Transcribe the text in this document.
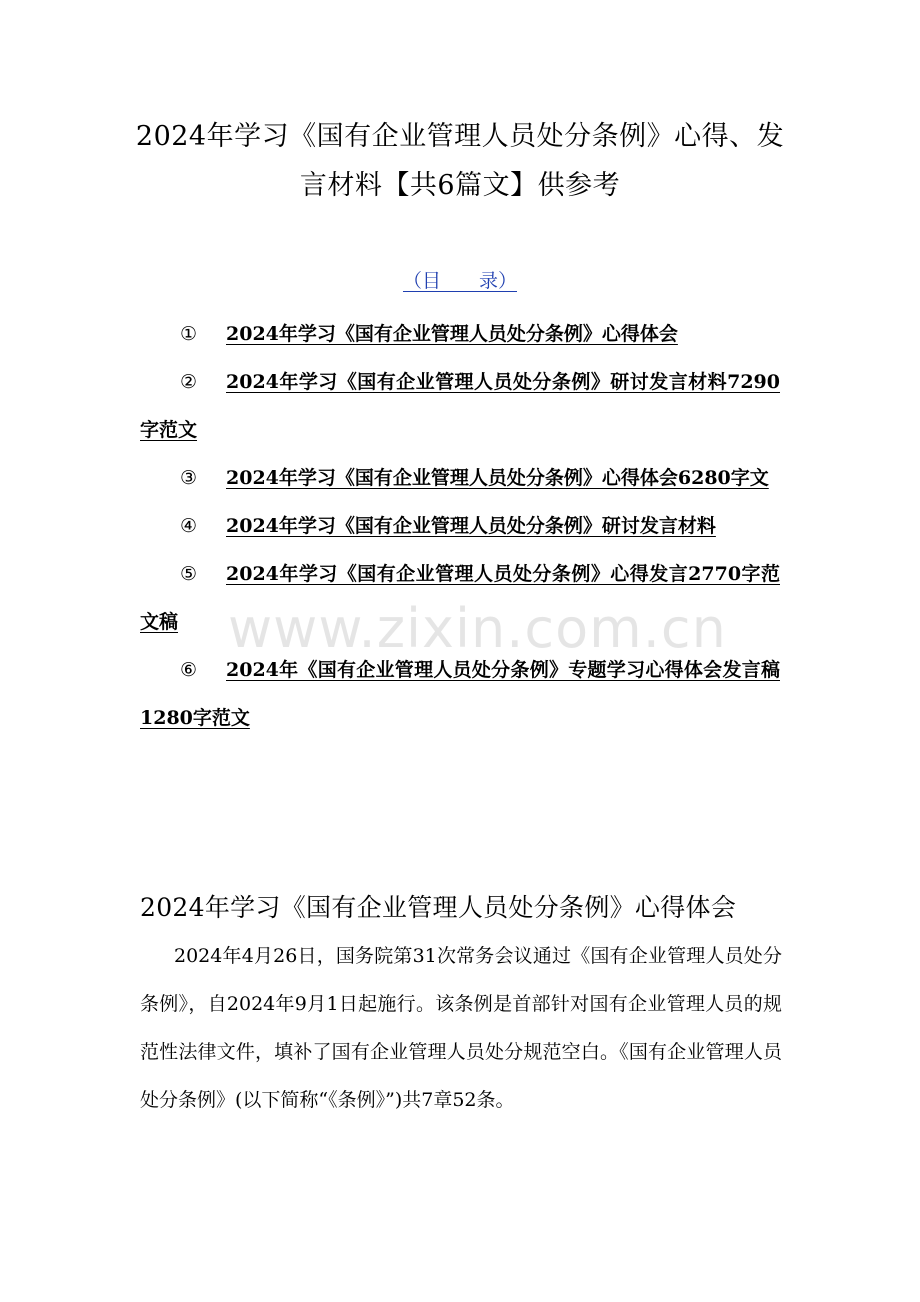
2024年学习《国有企业管理人员处分条例》心得、发言材料【共6篇文】供参考
（目　　录）
① 2024年学习《国有企业管理人员处分条例》心得体会
② 2024年学习《国有企业管理人员处分条例》研讨发言材料7290字范文
③ 2024年学习《国有企业管理人员处分条例》心得体会6280字文
④ 2024年学习《国有企业管理人员处分条例》研讨发言材料
⑤ 2024年学习《国有企业管理人员处分条例》心得发言2770字范文稿
⑥ 2024年《国有企业管理人员处分条例》专题学习心得体会发言稿1280字范文
www.zixin.com.cn
2024年学习《国有企业管理人员处分条例》心得体会
2024年4月26日，国务院第31次常务会议通过《国有企业管理人员处分条例》，自2024年9月1日起施行。该条例是首部针对国有企业管理人员的规范性法律文件，填补了国有企业管理人员处分规范空白。《国有企业管理人员处分条例》(以下简称“《条例》”)共7章52条。
